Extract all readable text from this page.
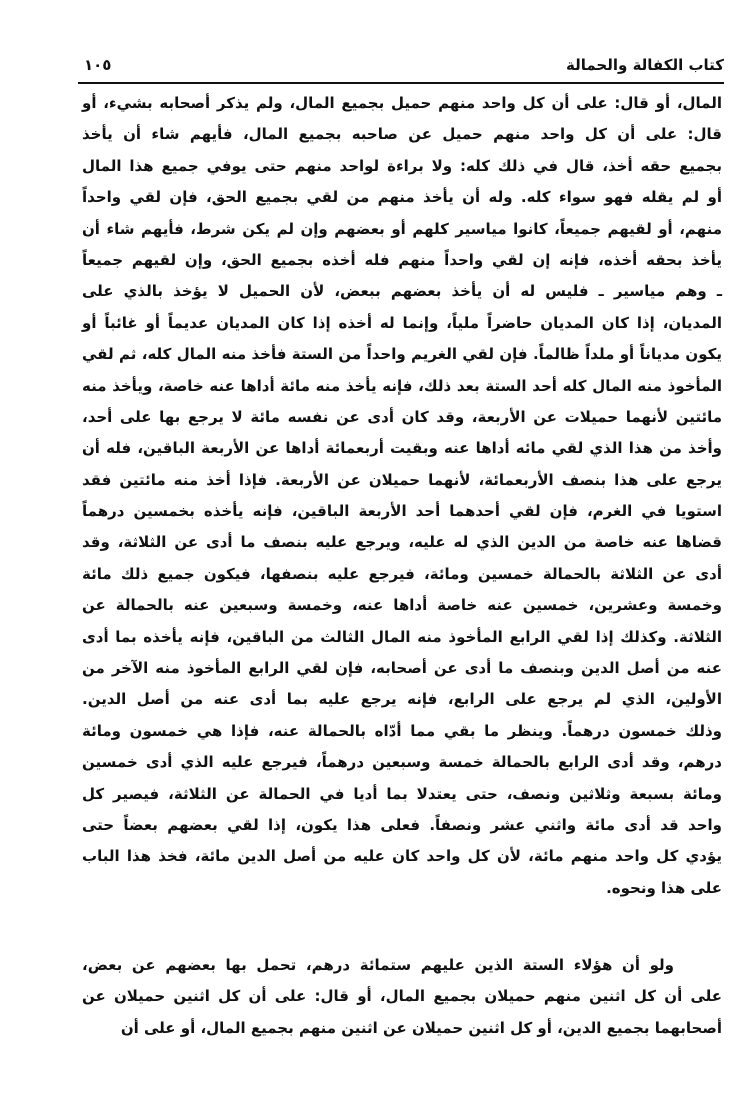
كتاب الكفالة والحمالة
١٠٥
المال، أو قال: على أن كل واحد منهم حميل بجميع المال، ولم يذكر أصحابه بشيء، أو
قال: على أن كل واحد منهم حميل عن صاحبه بجميع المال، فأيهم شاء أن يأخذ
بجميع حقه أخذ، قال في ذلك كله: ولا براءة لواحد منهم حتى يوفي جميع هذا المال
أو لم يقله فهو سواء كله. وله أن يأخذ منهم من لقي بجميع الحق، فإن لقي واحداً
منهم، أو لقيهم جميعاً، كانوا مياسير كلهم أو بعضهم وإن لم يكن شرط، فأيهم شاء أن
يأخذ بحقه أخذه، فإنه إن لقي واحداً منهم فله أخذه بجميع الحق، وإن لقيهم جميعاً
ـ وهم مياسير ـ فليس له أن يأخذ بعضهم ببعض، لأن الحميل لا يؤخذ بالذي على
المديان، إذا كان المديان حاضراً ملياً، وإنما له أخذه إذا كان المديان عديماً أو غائباً أو
يكون مدياناً أو ملداً ظالماً. فإن لقي الغريم واحداً من الستة فأخذ منه المال كله، ثم لقي
المأخوذ منه المال كله أحد الستة بعد ذلك، فإنه يأخذ منه مائة أداها عنه خاصة، ويأخذ منه
مائتين لأنهما حميلات عن الأربعة، وقد كان أدى عن نفسه مائة لا يرجع بها على أحد،
وأخذ من هذا الذي لقي مائه أداها عنه وبقيت أربعمائة أداها عن الأربعة الباقين، فله أن
يرجع على هذا بنصف الأربعمائة، لأنهما حميلان عن الأربعة. فإذا أخذ منه مائتين فقد
استويا في الغرم، فإن لقي أحدهما أحد الأربعة الباقين، فإنه يأخذه بخمسين درهماً
قضاها عنه خاصة من الدين الذي له عليه، ويرجع عليه بنصف ما أدى عن الثلاثة، وقد
أدى عن الثلاثة بالحمالة خمسين ومائة، فيرجع عليه بنصفها، فيكون جميع ذلك مائة
وخمسة وعشرين، خمسين عنه خاصة أداها عنه، وخمسة وسبعين عنه بالحمالة عن
الثلاثة. وكذلك إذا لقي الرابع المأخوذ منه المال الثالث من الباقين، فإنه يأخذه بما أدى
عنه من أصل الدين وبنصف ما أدى عن أصحابه، فإن لقي الرابع المأخوذ منه الآخر من
الأولين، الذي لم يرجع على الرابع، فإنه يرجع عليه بما أدى عنه من أصل الدين.
وذلك خمسون درهماً. وينظر ما بقي مما أدّاه بالحمالة عنه، فإذا هي خمسون ومائة
درهم، وقد أدى الرابع بالحمالة خمسة وسبعين درهماً، فيرجع عليه الذي أدى خمسين
ومائة بسبعة وثلاثين ونصف، حتى يعتدلا بما أديا في الحمالة عن الثلاثة، فيصير كل
واحد قد أدى مائة واثني عشر ونصفاً. فعلى هذا يكون، إذا لقي بعضهم بعضاً حتى
يؤدي كل واحد منهم مائة، لأن كل واحد كان عليه من أصل الدين مائة، فخذ هذا الباب
على هذا ونحوه.
ولو أن هؤلاء الستة الذين عليهم ستمائة درهم، تحمل بها بعضهم عن بعض،
على أن كل اثنين منهم حميلان بجميع المال، أو قال: على أن كل اثنين حميلان عن
أصحابهما بجميع الدين، أو كل اثنين حميلان عن اثنين منهم بجميع المال، أو على أن
